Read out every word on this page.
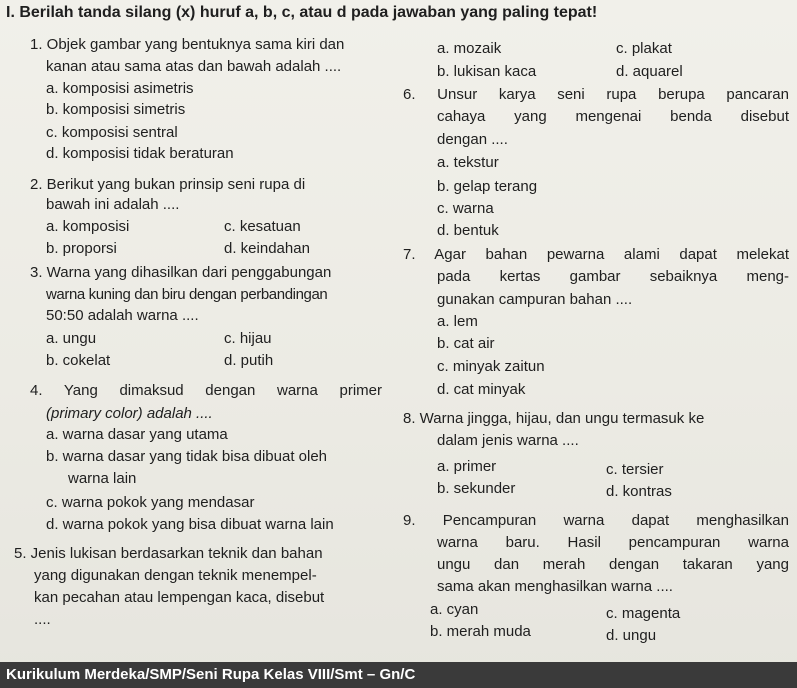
I. Berilah tanda silang (x) huruf a, b, c, atau d pada jawaban yang paling tepat!
1. Objek gambar yang bentuknya sama kiri dan
kanan atau sama atas dan bawah adalah ....
a. komposisi asimetris
b. komposisi simetris
c. komposisi sentral
d. komposisi tidak beraturan
2. Berikut yang bukan prinsip seni rupa di
bawah ini adalah ....
a. komposisi	c. kesatuan
b. proporsi	d. keindahan
3. Warna yang dihasilkan dari penggabungan
warna kuning dan biru dengan perbandingan
50:50 adalah warna ....
a. ungu	c. hijau
b. cokelat	d. putih
4. Yang dimaksud dengan warna primer
(primary color) adalah ....
a. warna dasar yang utama
b. warna dasar yang tidak bisa dibuat oleh
warna lain
c. warna pokok yang mendasar
d. warna pokok yang bisa dibuat warna lain
5. Jenis lukisan berdasarkan teknik dan bahan
yang digunakan dengan teknik menempel-
kan pecahan atau lempengan kaca, disebut
....
a. mozaik	c. plakat
b. lukisan kaca	d. aquarel
6. Unsur karya seni rupa berupa pancaran
cahaya yang mengenai benda disebut
dengan ....
a. tekstur
b. gelap terang
c. warna
d. bentuk
7. Agar bahan pewarna alami dapat melekat
pada kertas gambar sebaiknya meng-
gunakan campuran bahan ....
a. lem
b. cat air
c. minyak zaitun
d. cat minyak
8. Warna jingga, hijau, dan ungu termasuk ke
dalam jenis warna ....
a. primer	c. tersier
b. sekunder	d. kontras
9. Pencampuran warna dapat menghasilkan
warna baru. Hasil pencampuran warna
ungu dan merah dengan takaran yang
sama akan menghasilkan warna ....
a. cyan	c. magenta
b. merah muda	d. ungu
Kurikulum Merdeka/SMP/Seni Rupa Kelas VIII/Smt – Gn/C
